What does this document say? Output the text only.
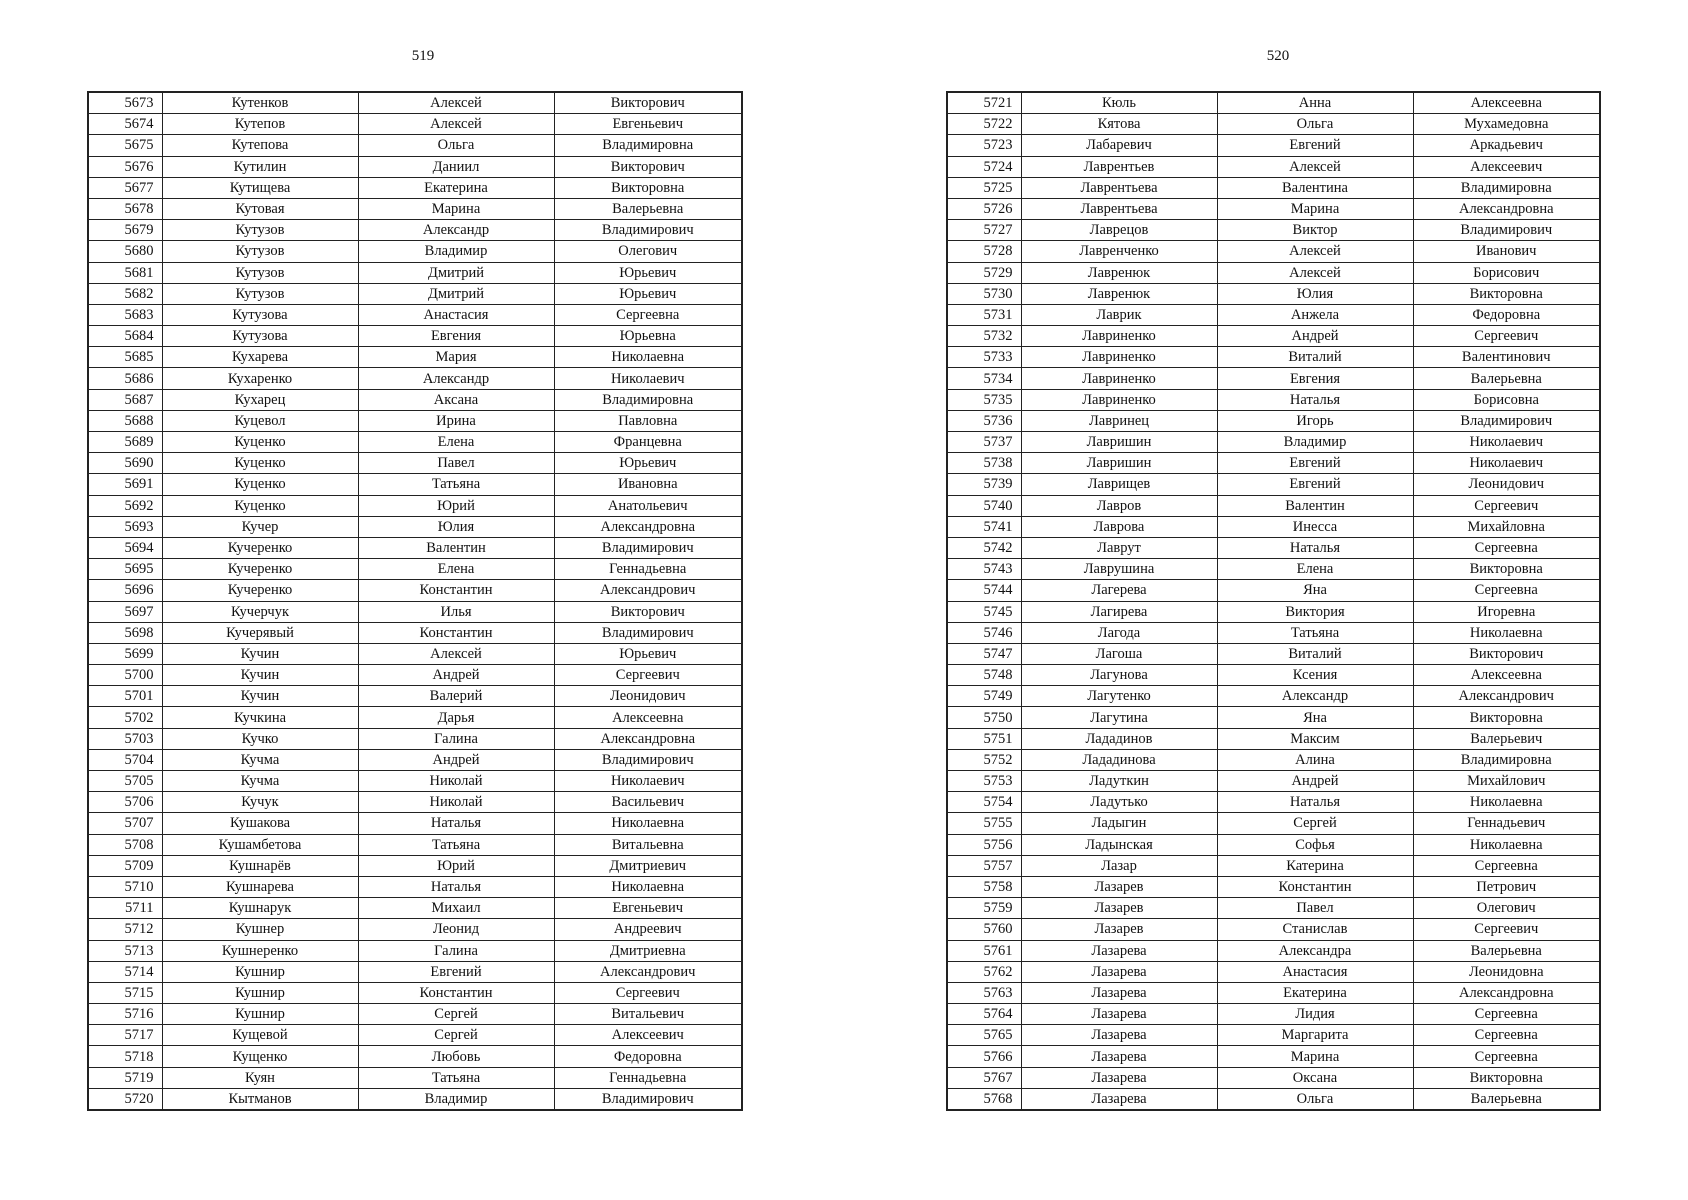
519	520
5673	Кутенков	Алексей	Викторович
5674	Кутепов	Алексей	Евгеньевич
5675	Кутепова	Ольга	Владимировна
5676	Кутилин	Даниил	Викторович
5677	Кутищева	Екатерина	Викторовна
5678	Кутовая	Марина	Валерьевна
5679	Кутузов	Александр	Владимирович
5680	Кутузов	Владимир	Олегович
5681	Кутузов	Дмитрий	Юрьевич
5682	Кутузов	Дмитрий	Юрьевич
5683	Кутузова	Анастасия	Сергеевна
5684	Кутузова	Евгения	Юрьевна
5685	Кухарева	Мария	Николаевна
5686	Кухаренко	Александр	Николаевич
5687	Кухарец	Аксана	Владимировна
5688	Куцевол	Ирина	Павловна
5689	Куценко	Елена	Францевна
5690	Куценко	Павел	Юрьевич
5691	Куценко	Татьяна	Ивановна
5692	Куценко	Юрий	Анатольевич
5693	Кучер	Юлия	Александровна
5694	Кучеренко	Валентин	Владимирович
5695	Кучеренко	Елена	Геннадьевна
5696	Кучеренко	Константин	Александрович
5697	Кучерчук	Илья	Викторович
5698	Кучерявый	Константин	Владимирович
5699	Кучин	Алексей	Юрьевич
5700	Кучин	Андрей	Сергеевич
5701	Кучин	Валерий	Леонидович
5702	Кучкина	Дарья	Алексеевна
5703	Кучко	Галина	Александровна
5704	Кучма	Андрей	Владимирович
5705	Кучма	Николай	Николаевич
5706	Кучук	Николай	Васильевич
5707	Кушакова	Наталья	Николаевна
5708	Кушамбетова	Татьяна	Витальевна
5709	Кушнарёв	Юрий	Дмитриевич
5710	Кушнарева	Наталья	Николаевна
5711	Кушнарук	Михаил	Евгеньевич
5712	Кушнер	Леонид	Андреевич
5713	Кушнеренко	Галина	Дмитриевна
5714	Кушнир	Евгений	Александрович
5715	Кушнир	Константин	Сергеевич
5716	Кушнир	Сергей	Витальевич
5717	Кущевой	Сергей	Алексеевич
5718	Кущенко	Любовь	Федоровна
5719	Куян	Татьяна	Геннадьевна
5720	Кытманов	Владимир	Владимирович
5721	Кюль	Анна	Алексеевна
5722	Кятова	Ольга	Мухамедовна
5723	Лабаревич	Евгений	Аркадьевич
5724	Лаврентьев	Алексей	Алексеевич
5725	Лаврентьева	Валентина	Владимировна
5726	Лаврентьева	Марина	Александровна
5727	Лаврецов	Виктор	Владимирович
5728	Лавренченко	Алексей	Иванович
5729	Лавренюк	Алексей	Борисович
5730	Лавренюк	Юлия	Викторовна
5731	Лаврик	Анжела	Федоровна
5732	Лавриненко	Андрей	Сергеевич
5733	Лавриненко	Виталий	Валентинович
5734	Лавриненко	Евгения	Валерьевна
5735	Лавриненко	Наталья	Борисовна
5736	Лавринец	Игорь	Владимирович
5737	Лавришин	Владимир	Николаевич
5738	Лавришин	Евгений	Николаевич
5739	Лаврищев	Евгений	Леонидович
5740	Лавров	Валентин	Сергеевич
5741	Лаврова	Инесса	Михайловна
5742	Лаврут	Наталья	Сергеевна
5743	Лаврушина	Елена	Викторовна
5744	Лагерева	Яна	Сергеевна
5745	Лагирева	Виктория	Игоревна
5746	Лагода	Татьяна	Николаевна
5747	Лагоша	Виталий	Викторович
5748	Лагунова	Ксения	Алексеевна
5749	Лагутенко	Александр	Александрович
5750	Лагутина	Яна	Викторовна
5751	Лададинов	Максим	Валерьевич
5752	Лададинова	Алина	Владимировна
5753	Ладуткин	Андрей	Михайлович
5754	Ладутько	Наталья	Николаевна
5755	Ладыгин	Сергей	Геннадьевич
5756	Ладынская	Софья	Николаевна
5757	Лазар	Катерина	Сергеевна
5758	Лазарев	Константин	Петрович
5759	Лазарев	Павел	Олегович
5760	Лазарев	Станислав	Сергеевич
5761	Лазарева	Александра	Валерьевна
5762	Лазарева	Анастасия	Леонидовна
5763	Лазарева	Екатерина	Александровна
5764	Лазарева	Лидия	Сергеевна
5765	Лазарева	Маргарита	Сергеевна
5766	Лазарева	Марина	Сергеевна
5767	Лазарева	Оксана	Викторовна
5768	Лазарева	Ольга	Валерьевна
